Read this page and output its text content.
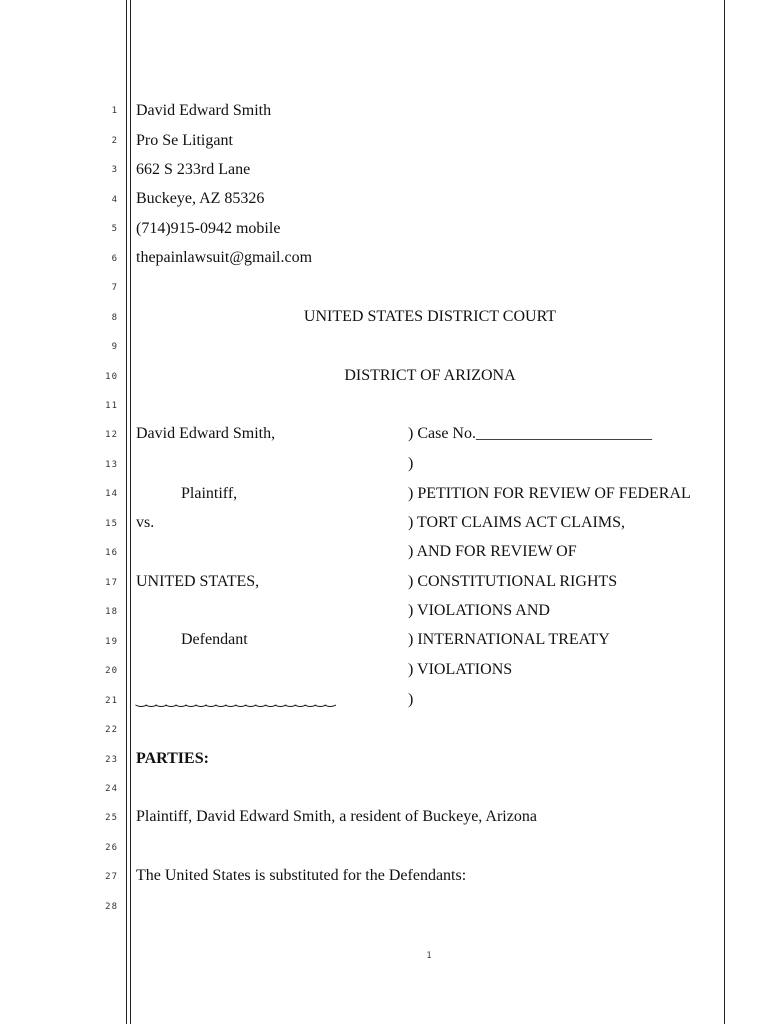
1
2
3
4
5
6
7
8
9
10
11
12
13
14
15
16
17
18
19
20
21
22
23
24
25
26
27
28
David Edward Smith
Pro Se Litigant
662 S 233rd Lane
Buckeye, AZ 85326
(714)915-0942 mobile
thepainlawsuit@gmail.com
UNITED STATES DISTRICT COURT
DISTRICT OF ARIZONA
David Edward Smith,
Plaintiff,
vs.
UNITED STATES,
Defendant
‿‿‿‿‿‿‿‿‿‿‿‿‿‿‿‿‿‿‿‿
) Case No.______________________
)
) PETITION FOR REVIEW OF FEDERAL
) TORT CLAIMS ACT CLAIMS,
) AND FOR REVIEW OF
) CONSTITUTIONAL RIGHTS
) VIOLATIONS AND
) INTERNATIONAL TREATY
) VIOLATIONS
)
PARTIES:
Plaintiff, David Edward Smith, a resident of Buckeye, Arizona
The United States is substituted for the Defendants:
1
